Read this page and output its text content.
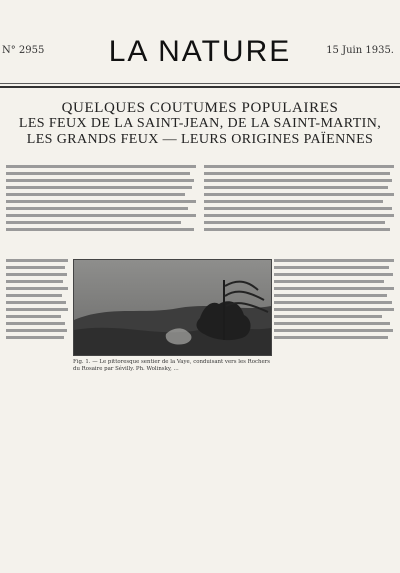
N° 2955	LA NATURE	15 Juin 1935.
QUELQUES COUTUMES POPULAIRES
LES FEUX DE LA SAINT-JEAN, DE LA SAINT-MARTIN,
LES GRANDS FEUX — LEURS ORIGINES PAÏENNES
Fig. 1. — Le pittoresque sentier de la Vaye, conduisant vers les Rochers du Rosaire par Sévilly. Ph. Wolinsky, ...
